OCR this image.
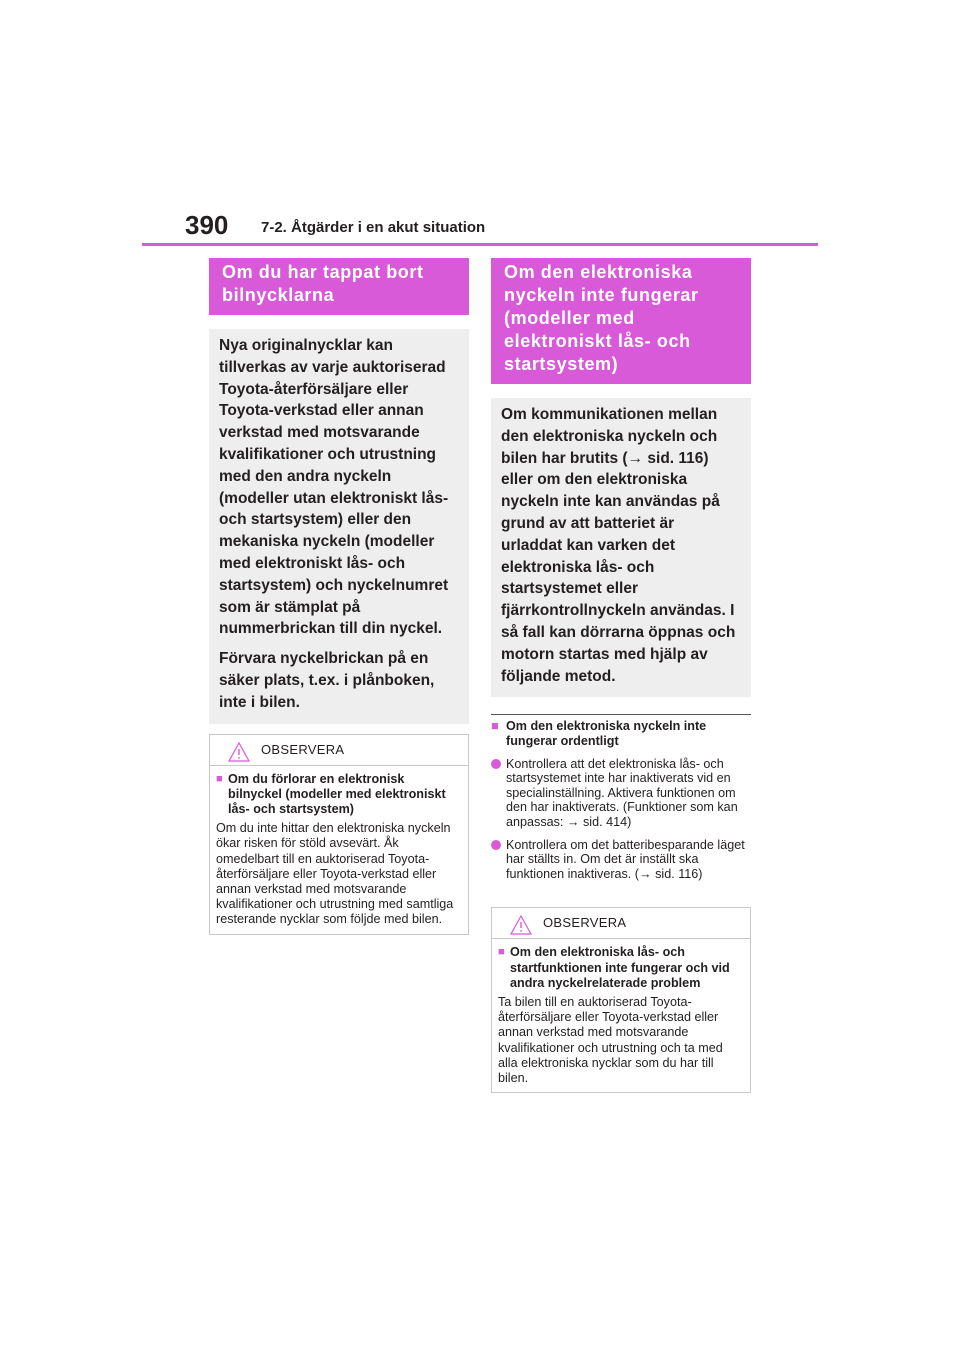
390 7-2. Åtgärder i en akut situation
Om du har tappat bort bilnycklarna

Nya originalnycklar kan tillverkas av varje auktoriserad Toyota-återförsäljare eller Toyota-verkstad eller annan verkstad med motsvarande kvalifikationer och utrustning med den andra nyckeln (modeller utan elektroniskt lås- och startsystem) eller den mekaniska nyckeln (modeller med elektroniskt lås- och startsystem) och nyckelnumret som är stämplat på nummerbrickan till din nyckel.

Förvara nyckelbrickan på en säker plats, t.ex. i plånboken, inte i bilen.

OBSERVERA
■ Om du förlorar en elektronisk bilnyckel (modeller med elektroniskt lås- och startsystem)

Om du inte hittar den elektroniska nyckeln ökar risken för stöld avsevärt. Åk omedelbart till en auktoriserad Toyota-återförsäljare eller Toyota-verkstad eller annan verkstad med motsvarande kvalifikationer och utrustning med samtliga resterande nycklar som följde med bilen.

Om den elektroniska nyckeln inte fungerar (modeller med elektroniskt lås- och startsystem)

Om kommunikationen mellan den elektroniska nyckeln och bilen har brutits (→ sid. 116) eller om den elektroniska nyckeln inte kan användas på grund av att batteriet är urladdat kan varken det elektroniska lås- och startsystemet eller fjärrkontrollnyckeln användas. I så fall kan dörrarna öppnas och motorn startas med hjälp av följande metod.

■ Om den elektroniska nyckeln inte fungerar ordentligt

Kontrollera att det elektroniska lås- och startsystemet inte har inaktiverats vid en specialinställning. Aktivera funktionen om den har inaktiverats. (Funktioner som kan anpassas: → sid. 414)

Kontrollera om det batteribesparande läget har ställts in. Om det är inställt ska funktionen inaktiveras. (→ sid. 116)

OBSERVERA
■ Om den elektroniska lås- och startfunktionen inte fungerar och vid andra nyckelrelaterade problem

Ta bilen till en auktoriserad Toyota-återförsäljare eller Toyota-verkstad eller annan verkstad med motsvarande kvalifikationer och utrustning och ta med alla elektroniska nycklar som du har till bilen.
